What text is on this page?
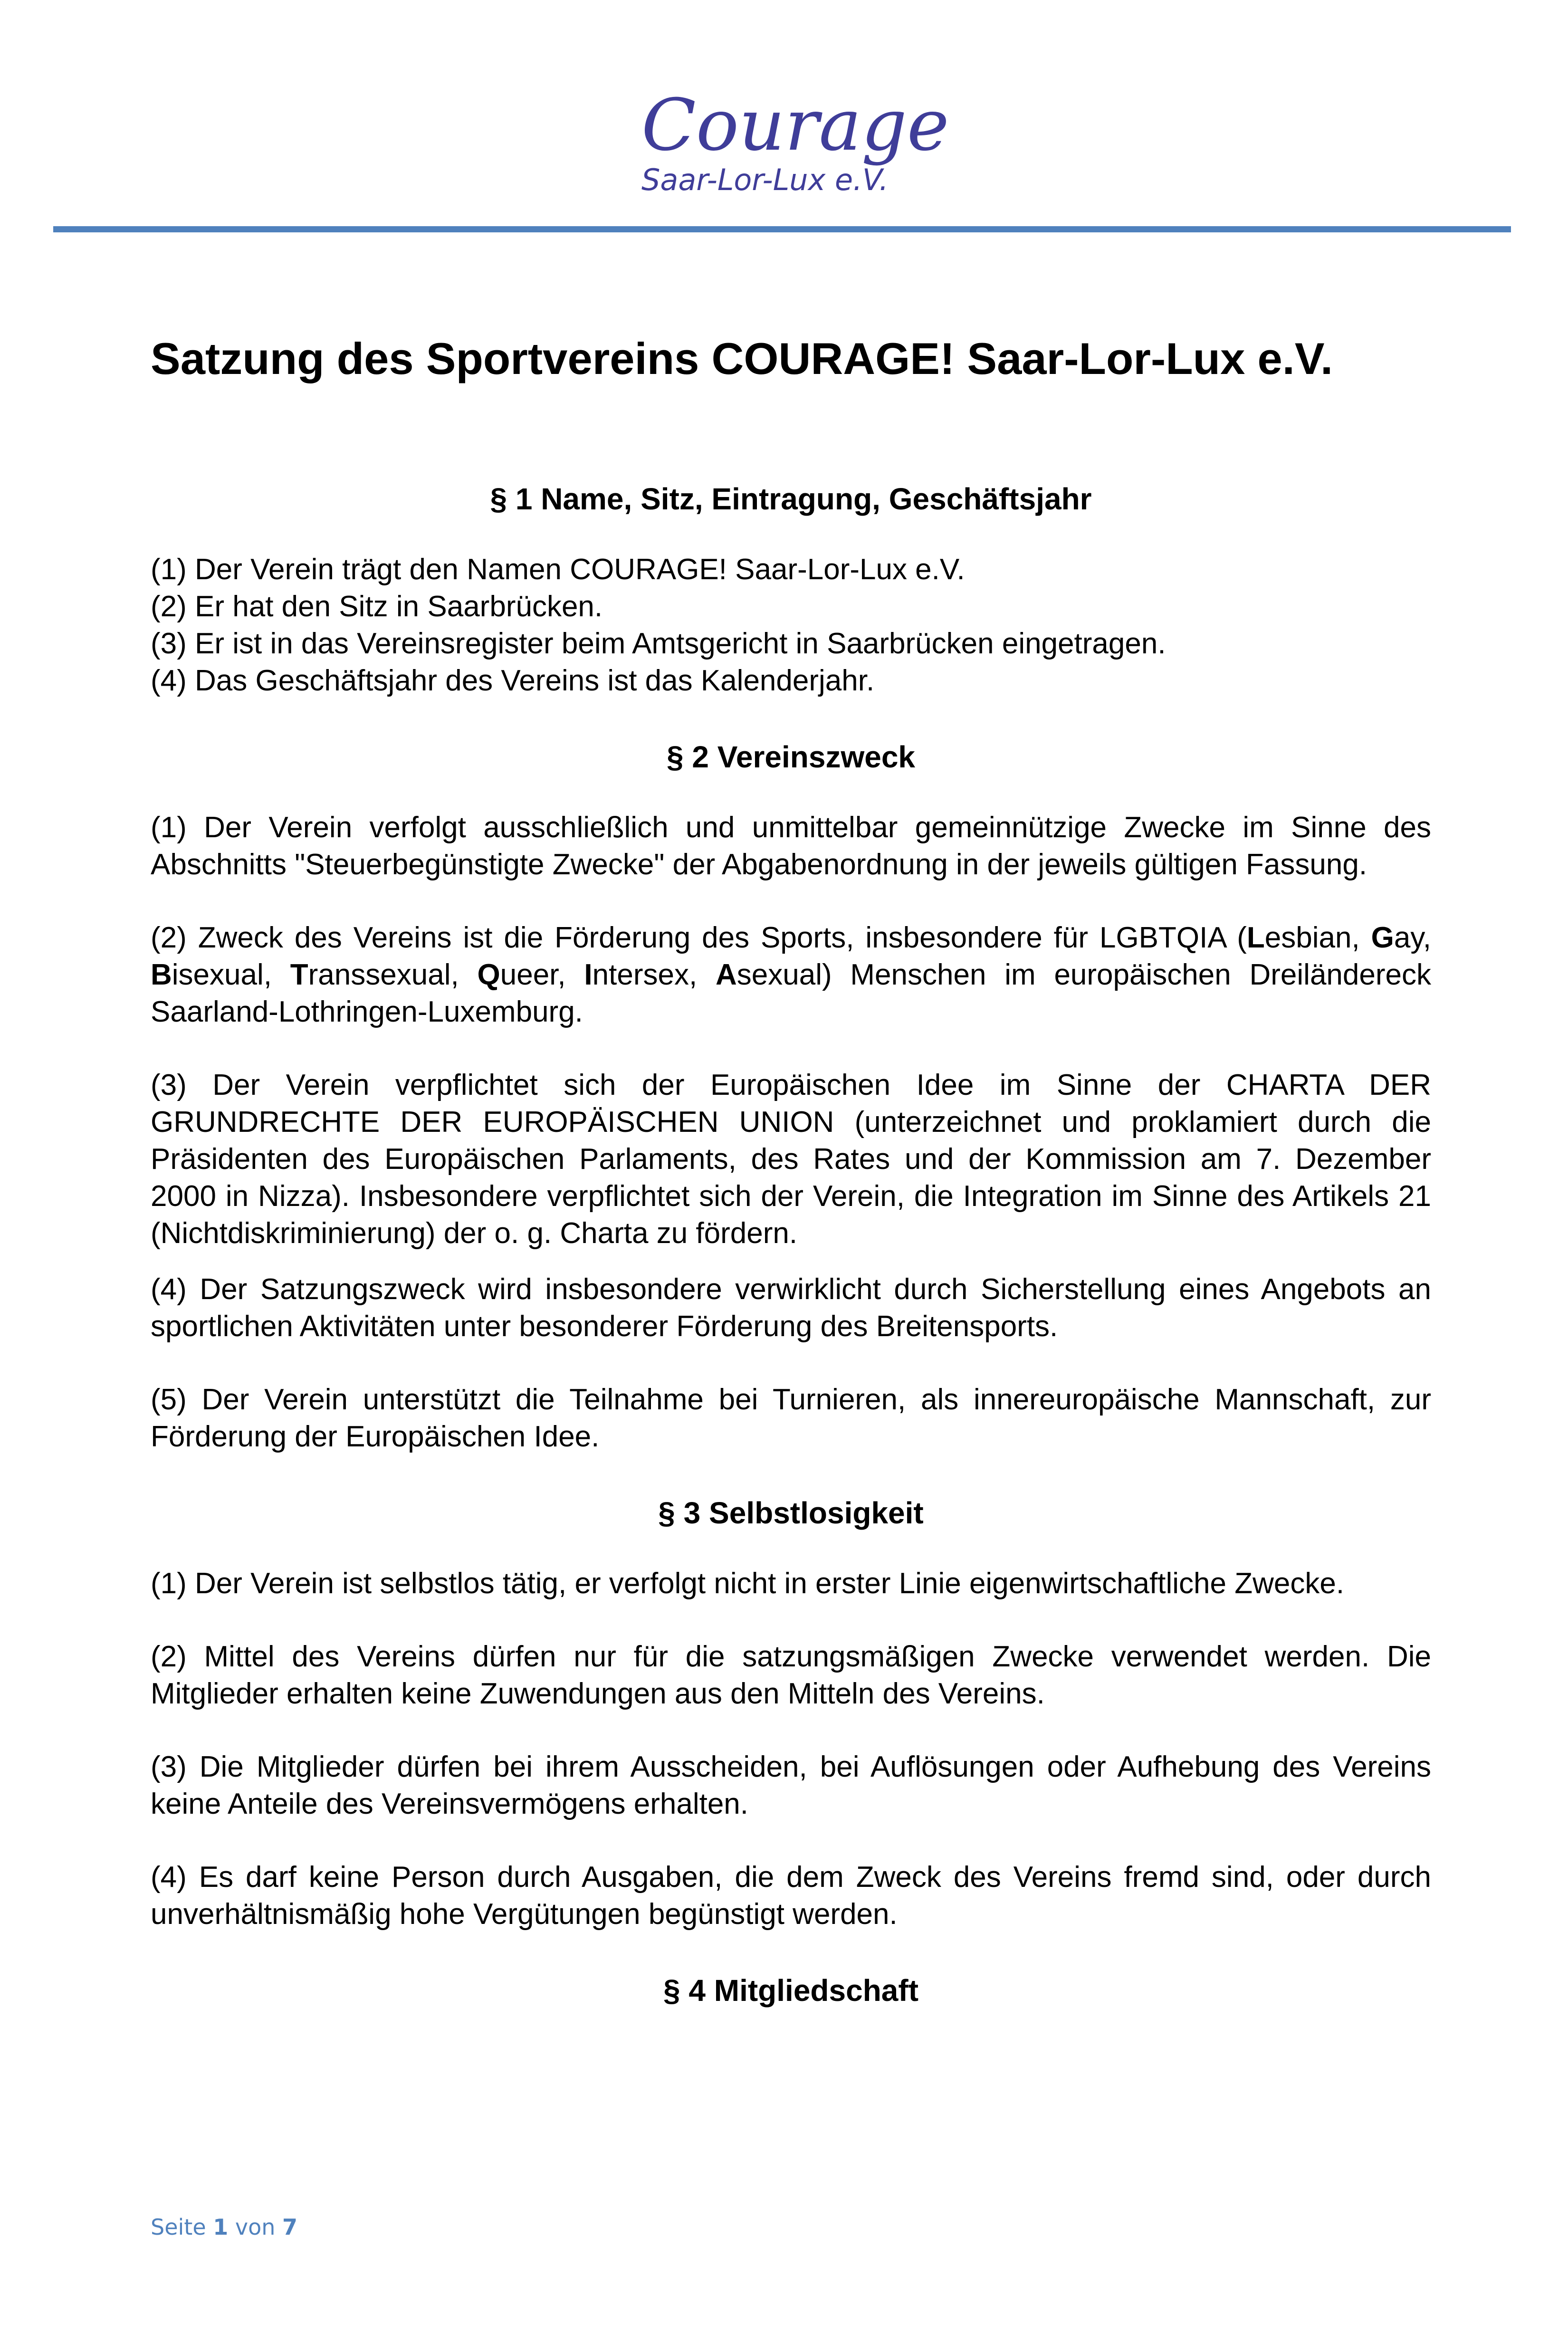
Courage
Saar-Lor-Lux e.V.
Satzung des Sportvereins COURAGE! Saar-Lor-Lux e.V.
§ 1 Name, Sitz, Eintragung, Geschäftsjahr

(1) Der Verein trägt den Namen COURAGE! Saar-Lor-Lux e.V.
(2) Er hat den Sitz in Saarbrücken.
(3) Er ist in das Vereinsregister beim Amtsgericht in Saarbrücken eingetragen.
(4) Das Geschäftsjahr des Vereins ist das Kalenderjahr.

§ 2 Vereinszweck

(1) Der Verein verfolgt ausschließlich und unmittelbar gemeinnützige Zwecke im Sinne des Abschnitts "Steuerbegünstigte Zwecke" der Abgabenordnung in der jeweils gültigen Fassung.

(2) Zweck des Vereins ist die Förderung des Sports, insbesondere für LGBTQIA (Lesbian, Gay, Bisexual, Transsexual, Queer, Intersex, Asexual) Menschen im europäischen Dreiländereck Saarland-Lothringen-Luxemburg.

(3) Der Verein verpflichtet sich der Europäischen Idee im Sinne der CHARTA DER GRUNDRECHTE DER EUROPÄISCHEN UNION (unterzeichnet und proklamiert durch die Präsidenten des Europäischen Parlaments, des Rates und der Kommission am 7. Dezember 2000 in Nizza). Insbesondere verpflichtet sich der Verein, die Integration im Sinne des Artikels 21 (Nichtdiskriminierung) der o. g. Charta zu fördern.

(4) Der Satzungszweck wird insbesondere verwirklicht durch Sicherstellung eines Angebots an sportlichen Aktivitäten unter besonderer Förderung des Breitensports.

(5) Der Verein unterstützt die Teilnahme bei Turnieren, als innereuropäische Mannschaft, zur Förderung der Europäischen Idee.

§ 3 Selbstlosigkeit

(1) Der Verein ist selbstlos tätig, er verfolgt nicht in erster Linie eigenwirtschaftliche Zwecke.

(2) Mittel des Vereins dürfen nur für die satzungsmäßigen Zwecke verwendet werden. Die Mitglieder erhalten keine Zuwendungen aus den Mitteln des Vereins.

(3) Die Mitglieder dürfen bei ihrem Ausscheiden, bei Auflösungen oder Aufhebung des Vereins keine Anteile des Vereinsvermögens erhalten.

(4) Es darf keine Person durch Ausgaben, die dem Zweck des Vereins fremd sind, oder durch unverhältnismäßig hohe Vergütungen begünstigt werden.

§ 4 Mitgliedschaft
Seite 1 von 7
